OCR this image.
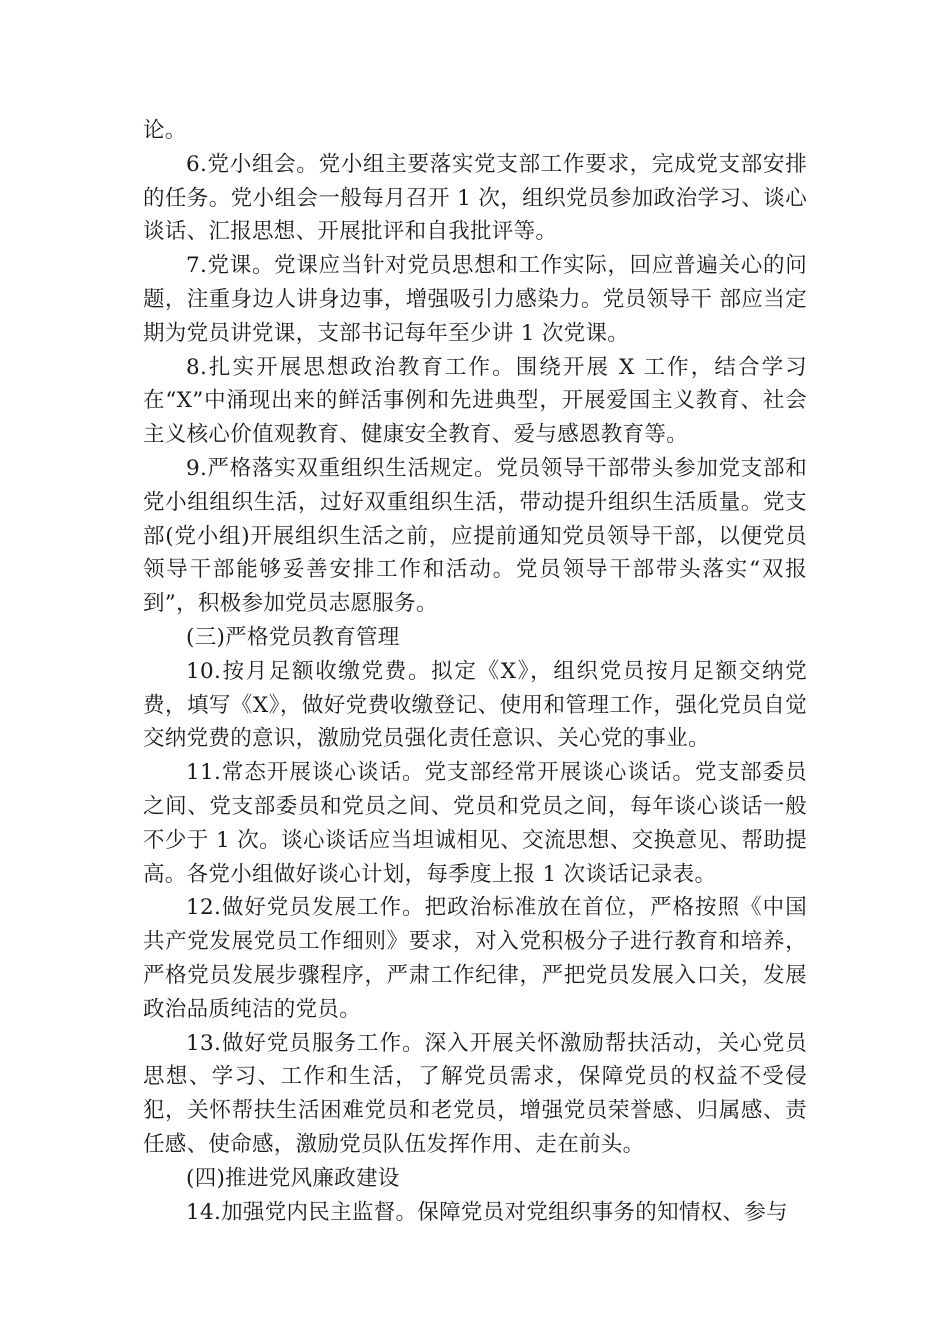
论。

6.党小组会。党小组主要落实党支部工作要求，完成党支部安排的任务。党小组会一般每月召开 1 次，组织党员参加政治学习、谈心谈话、汇报思想、开展批评和自我批评等。

7.党课。党课应当针对党员思想和工作实际，回应普遍关心的问题，注重身边人讲身边事，增强吸引力感染力。党员领导干 部应当定期为党员讲党课，支部书记每年至少讲 1 次党课。

8.扎实开展思想政治教育工作。围绕开展 X 工作，结合学习在“X”中涌现出来的鲜活事例和先进典型，开展爱国主义教育、社会主义核心价值观教育、健康安全教育、爱与感恩教育等。

9.严格落实双重组织生活规定。党员领导干部带头参加党支部和党小组组织生活，过好双重组织生活，带动提升组织生活质量。党支部(党小组)开展组织生活之前，应提前通知党员领导干部，以便党员领导干部能够妥善安排工作和活动。党员领导干部带头落实“双报到”，积极参加党员志愿服务。

(三)严格党员教育管理

10.按月足额收缴党费。拟定《X》，组织党员按月足额交纳党费，填写《X》，做好党费收缴登记、使用和管理工作，强化党员自觉交纳党费的意识，激励党员强化责任意识、关心党的事业。

11.常态开展谈心谈话。党支部经常开展谈心谈话。党支部委员之间、党支部委员和党员之间、党员和党员之间，每年谈心谈话一般不少于 1 次。谈心谈话应当坦诚相见、交流思想、交换意见、帮助提高。各党小组做好谈心计划，每季度上报 1 次谈话记录表。

12.做好党员发展工作。把政治标准放在首位，严格按照《中国共产党发展党员工作细则》要求，对入党积极分子进行教育和培养，严格党员发展步骤程序，严肃工作纪律，严把党员发展入口关，发展政治品质纯洁的党员。

13.做好党员服务工作。深入开展关怀激励帮扶活动，关心党员思想、学习、工作和生活，了解党员需求，保障党员的权益不受侵犯，关怀帮扶生活困难党员和老党员，增强党员荣誉感、归属感、责任感、使命感，激励党员队伍发挥作用、走在前头。

(四)推进党风廉政建设

14.加强党内民主监督。保障党员对党组织事务的知情权、参与
